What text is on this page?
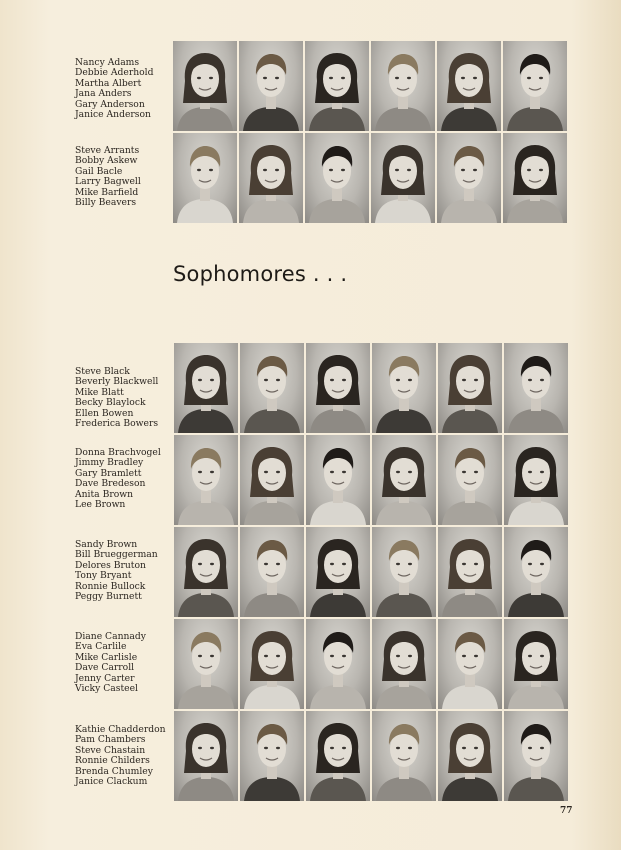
Nancy Adams
Debbie Aderhold
Martha Albert
Jana Anders
Gary Anderson
Janice Anderson
Steve Arrants
Bobby Askew
Gail Bacle
Larry Bagwell
Mike Barfield
Billy Beavers
Sophomores . . .
Steve Black
Beverly Blackwell
Mike Blatt
Becky Blaylock
Ellen Bowen
Frederica Bowers
Donna Brachvogel
Jimmy Bradley
Gary Bramlett
Dave Bredeson
Anita Brown
Lee Brown
Sandy Brown
Bill Brueggerman
Delores Bruton
Tony Bryant
Ronnie Bullock
Peggy Burnett
Diane Cannady
Eva Carlile
Mike Carlisle
Dave Carroll
Jenny Carter
Vicky Casteel
Kathie Chadderdon
Pam Chambers
Steve Chastain
Ronnie Childers
Brenda Chumley
Janice Clackum
77
